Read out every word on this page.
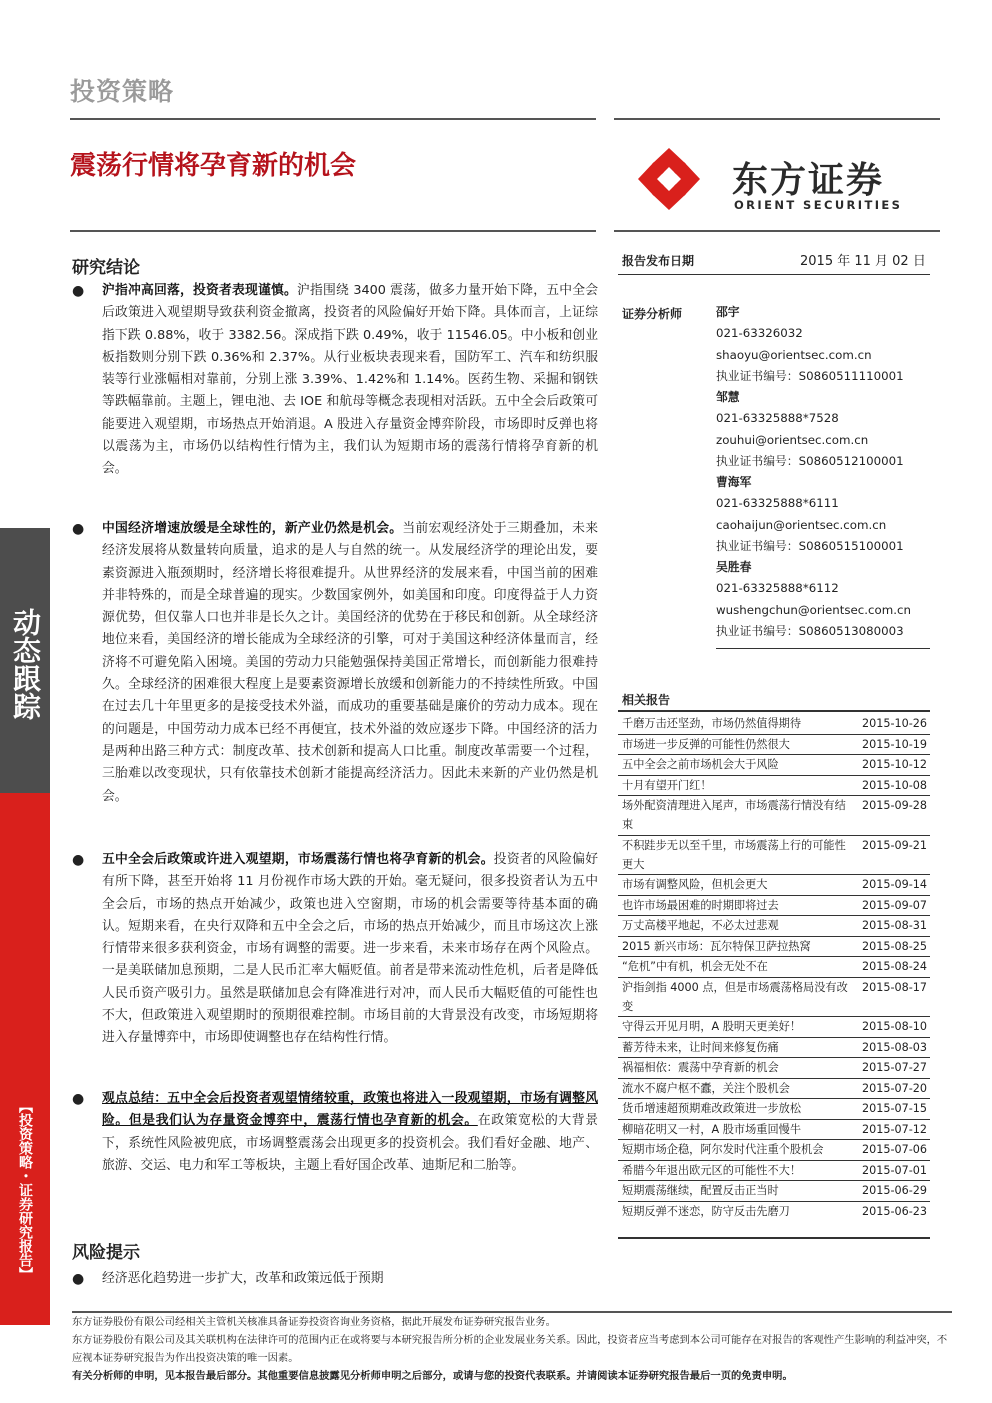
投资策略
震荡行情将孕育新的机会	东方证券
ORIENT SECURITIES
动态跟踪
【投资策略・证券研究报告】
研究结论
● 沪指冲高回落，投资者表现谨慎。沪指围绕 3400 震荡，做多力量开始下降，五中全会后政策进入观望期导致获利资金撤离，投资者的风险偏好开始下降。具体而言，上证综指下跌 0.88%，收于 3382.56。深成指下跌 0.49%，收于 11546.05。中小板和创业板指数则分别下跌 0.36%和 2.37%。从行业板块表现来看，国防军工、汽车和纺织服装等行业涨幅相对靠前，分别上涨 3.39%、1.42%和 1.14%。医药生物、采掘和钢铁等跌幅靠前。主题上，锂电池、去 IOE 和航母等概念表现相对活跃。五中全会后政策可能要进入观望期，市场热点开始消退。A 股进入存量资金博弈阶段，市场即时反弹也将以震荡为主，市场仍以结构性行情为主，我们认为短期市场的震荡行情将孕育新的机会。
● 中国经济增速放缓是全球性的，新产业仍然是机会。当前宏观经济处于三期叠加，未来经济发展将从数量转向质量，追求的是人与自然的统一。从发展经济学的理论出发，要素资源进入瓶颈期时，经济增长将很难提升。从世界经济的发展来看，中国当前的困难并非特殊的，而是全球普遍的现实。少数国家例外，如美国和印度。印度得益于人力资源优势，但仅靠人口也并非是长久之计。美国经济的优势在于移民和创新。从全球经济地位来看，美国经济的增长能成为全球经济的引擎，可对于美国这种经济体量而言，经济将不可避免陷入困境。美国的劳动力只能勉强保持美国正常增长，而创新能力很难持久。全球经济的困难很大程度上是要素资源增长放缓和创新能力的不持续性所致。中国在过去几十年里更多的是接受技术外溢，而成功的重要基础是廉价的劳动力成本。现在的问题是，中国劳动力成本已经不再便宜，技术外溢的效应逐步下降。中国经济的活力是两种出路三种方式：制度改革、技术创新和提高人口比重。制度改革需要一个过程，三胎难以改变现状，只有依靠技术创新才能提高经济活力。因此未来新的产业仍然是机会。
● 五中全会后政策或许进入观望期，市场震荡行情也将孕育新的机会。投资者的风险偏好有所下降，甚至开始将 11 月份视作市场大跌的开始。毫无疑问，很多投资者认为五中全会后，市场的热点开始减少，政策也进入空窗期，市场的机会需要等待基本面的确认。短期来看，在央行双降和五中全会之后，市场的热点开始减少，而且市场这次上涨行情带来很多获利资金，市场有调整的需要。进一步来看，未来市场存在两个风险点。一是美联储加息预期，二是人民币汇率大幅贬值。前者是带来流动性危机，后者是降低人民币资产吸引力。虽然是联储加息会有降准进行对冲，而人民币大幅贬值的可能性也不大，但政策进入观望期时的预期很难控制。市场目前的大背景没有改变，市场短期将进入存量博弈中，市场即使调整也存在结构性行情。
● 观点总结：五中全会后投资者观望情绪较重，政策也将进入一段观望期，市场有调整风险。但是我们认为存量资金博弈中，震荡行情也孕育新的机会。在政策宽松的大背景下，系统性风险被兜底，市场调整震荡会出现更多的投资机会。我们看好金融、地产、旅游、交运、电力和军工等板块，主题上看好国企改革、迪斯尼和二胎等。
风险提示
● 经济恶化趋势进一步扩大，改革和政策远低于预期
报告发布日期	2015 年 11 月 02 日
证券分析师	邵宇
021-63326032
shaoyu@orientsec.com.cn
执业证书编号：S0860511110001
邹慧
021-63325888*7528
zouhui@orientsec.com.cn
执业证书编号：S0860512100001
曹海军
021-63325888*6111
caohaijun@orientsec.com.cn
执业证书编号：S0860515100001
吴胜春
021-63325888*6112
wushengchun@orientsec.com.cn
执业证书编号：S0860513080003
相关报告
千磨万击还坚劲，市场仍然值得期待	2015-10-26
市场进一步反弹的可能性仍然很大	2015-10-19
五中全会之前市场机会大于风险	2015-10-12
十月有望开门红！	2015-10-08
场外配资清理进入尾声，市场震荡行情没有结束
2015-09-28
不积跬步无以至千里，市场震荡上行的可能性更大
2015-09-21
市场有调整风险，但机会更大	2015-09-14
也许市场最困难的时期即将过去	2015-09-07
万丈高楼平地起，不必太过悲观	2015-08-31
2015 新兴市场：瓦尔特保卫萨拉热窝	2015-08-25
“危机”中有机，机会无处不在	2015-08-24
沪指剑指 4000 点，但是市场震荡格局没有改变
2015-08-17
守得云开见月明，A 股明天更美好！	2015-08-10
蓄芳待未来，让时间来修复伤痛	2015-08-03
祸福相依：震荡中孕育新的机会	2015-07-27
流水不腐户枢不蠹，关注个股机会	2015-07-20
货币增速超预期难改政策进一步放松	2015-07-15
柳暗花明又一村，A 股市场重回慢牛	2015-07-12
短期市场企稳，阿尔发时代注重个股机会	2015-07-06
希腊今年退出欧元区的可能性不大！	2015-07-01
短期震荡继续，配置反击正当时	2015-06-29
短期反弹不迷恋，防守反击先磨刀	2015-06-23
东方证券股份有限公司经相关主管机关核准具备证券投资咨询业务资格，据此开展发布证券研究报告业务。
东方证券股份有限公司及其关联机构在法律许可的范围内正在或将要与本研究报告所分析的企业发展业务关系。因此，投资者应当考虑到本公司可能存在对报告的客观性产生影响的利益冲突，不应视本证券研究报告为作出投资决策的唯一因素。
有关分析师的申明，见本报告最后部分。其他重要信息披露见分析师申明之后部分，或请与您的投资代表联系。并请阅读本证券研究报告最后一页的免责申明。
